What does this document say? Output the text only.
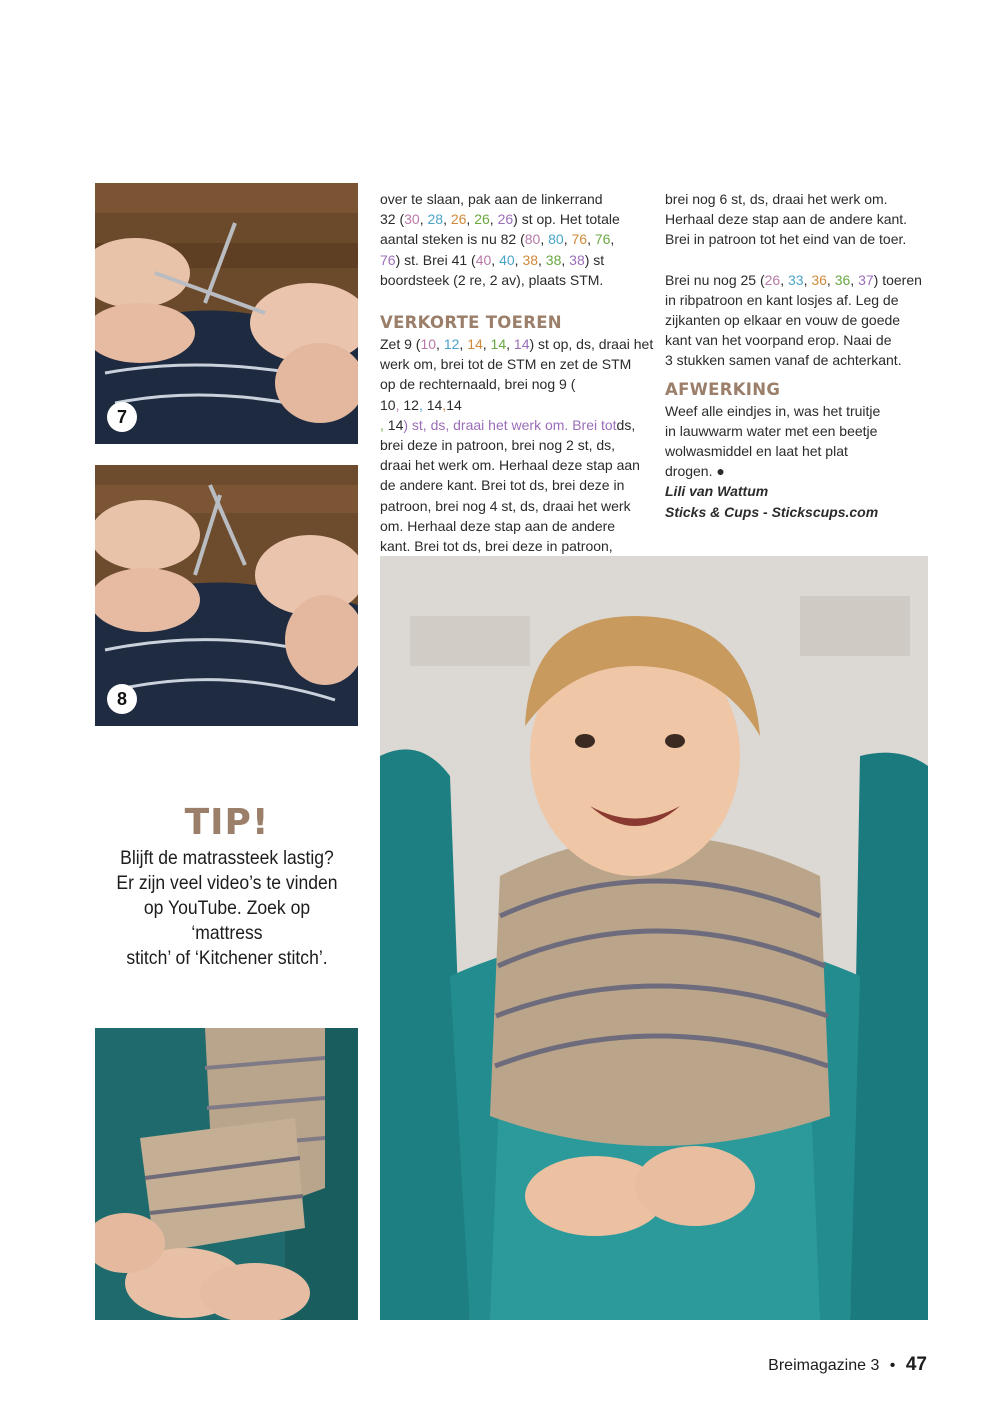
7
8

over te slaan, pak aan de linkerrand
32 (30, 28, 26, 26, 26) st op. Het totale
aantal steken is nu 82 (80, 80, 76, 76,
76) st. Brei 41 (40, 40, 38, 38, 38) st
boordsteek (2 re, 2 av), plaats STM.

VERKORTE TOEREN

Zet 9 (10, 12, 14, 14, 14) st op, ds, draai het
werk om, brei tot de STM en zet de STM
op de rechternaald, brei nog 9 (
10, 12, 14,14
, 14) st, ds, draai het werk om. Brei totds, brei deze in patroon, brei nog 2 st, ds,
draai het werk om. Herhaal deze stap aan
de andere kant. Brei tot ds, brei deze in
patroon, brei nog 4 st, ds, draai het werk
om. Herhaal deze stap aan de andere
kant. Brei tot ds, brei deze in patroon,

brei nog 6 st, ds, draai het werk om.
Herhaal deze stap aan de andere kant.
Brei in patroon tot het eind van de toer.

Brei nu nog 25 (26, 33, 36, 36, 37) toeren
in ribpatroon en kant losjes af. Leg de
zijkanten op elkaar en vouw de goede
kant van het voorpand erop. Naai de
3 stukken samen vanaf de achterkant.

AFWERKING

Weef alle eindjes in, was het truitje
in lauwwarm water met een beetje
wolwasmiddel en laat het plat
drogen. ●

Lili van Wattum

Sticks & Cups - Stickscups.com

TIP!
Blijft de matrassteek lastig?
Er zijn veel video’s te vinden
op YouTube. Zoek op ‘mattress
stitch’ of ‘Kitchener stitch’.
Breimagazine 3 • 47
